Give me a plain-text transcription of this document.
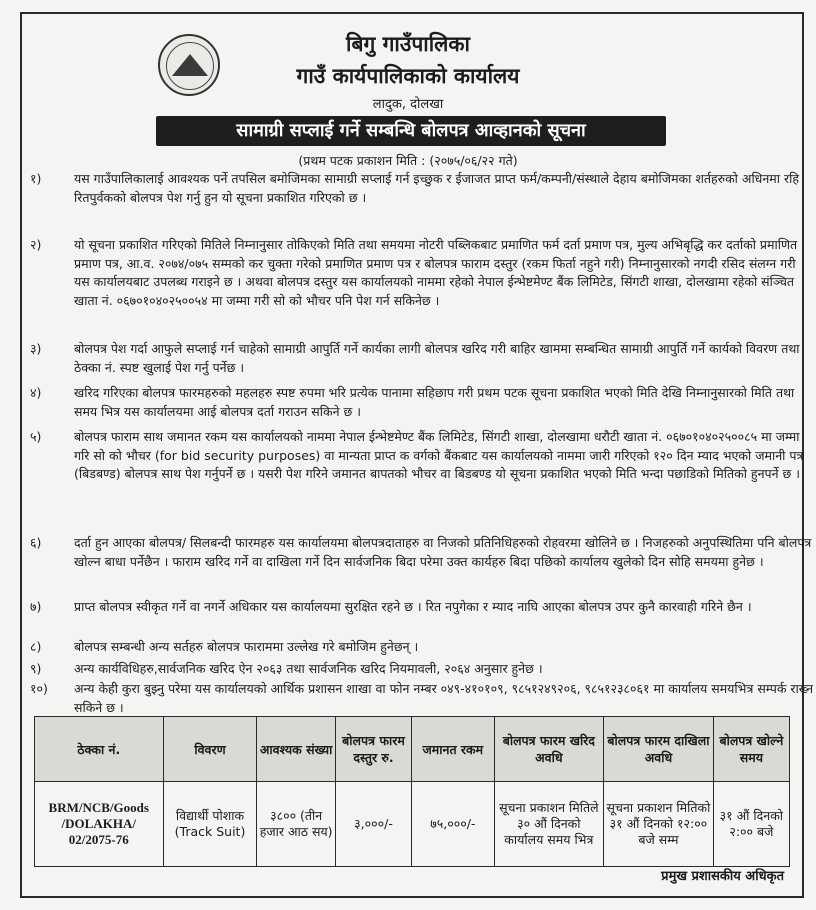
बिगु गाउँपालिका
गाउँ कार्यपालिकाको कार्यालय
लादुक, दोलखा
सामाग्री सप्लाई गर्ने सम्बन्धि बोलपत्र आव्हानको सूचना
(प्रथम पटक प्रकाशन मिति : (२०७५/०६/२२ गते)
१)	यस गाउँपालिकालाई आवश्यक पर्ने तपसिल बमोजिमका सामाग्री सप्लाई गर्न इच्छुक र ईजाजत प्राप्त फर्म/कम्पनी/संस्थाले देहाय बमोजिमका शर्तहरुको अधिनमा रहि रितपुर्वकको बोलपत्र पेश गर्नु हुन यो सूचना प्रकाशित गरिएको छ ।
२)	यो सूचना प्रकाशित गरिएको मितिले निम्नानुसार तोकिएको मिति तथा समयमा नोटरी पब्लिकबाट प्रमाणित फर्म दर्ता प्रमाण पत्र, मुल्य अभिबृद्धि कर दर्ताको प्रमाणित प्रमाण पत्र, आ.व. २०७४/०७५ सम्मको कर चुक्ता गरेको प्रमाणित प्रमाण पत्र र बोलपत्र फाराम दस्तुर (रकम फिर्ता नहुने गरी) निम्नानुसारको नगदी रसिद संलग्न गरी यस कार्यालयबाट उपलब्ध गराइने छ । अथवा बोलपत्र दस्तुर यस कार्यालयको नाममा रहेको नेपाल ईन्भेष्टमेण्ट बैंक लिमिटेड, सिंगटी शाखा, दोलखामा रहेको संञ्चित खाता नं. ०६७०१०४०२५००५४ मा जम्मा गरी सो को भौचर पनि पेश गर्न सकिनेछ ।
३)	बोलपत्र पेश गर्दा आफुले सप्लाई गर्न चाहेको सामाग्री आपुर्ति गर्ने कार्यका लागी बोलपत्र खरिद गरी बाहिर खाममा सम्बन्धित सामाग्री आपुर्ति गर्ने कार्यको विवरण तथा ठेक्का नं. स्पष्ट खुलाई पेश गर्नु पर्नेछ ।
४)	खरिद गरिएका बोलपत्र फारमहरुको महलहरु स्पष्ट रुपमा भरि प्रत्येक पानामा सहिछाप गरी प्रथम पटक सूचना प्रकाशित भएको मिति देखि निम्नानुसारको मिति तथा समय भित्र यस कार्यालयमा आई बोलपत्र दर्ता गराउन सकिने छ ।
५)	बोलपत्र फाराम साथ जमानत रकम यस कार्यालयको नाममा नेपाल ईन्भेष्टमेण्ट बैंक लिमिटेड, सिंगटी शाखा, दोलखामा धरौटी खाता नं. ०६७०१०४०२५००८५ मा जम्मा गरि सो को भौचर (for bid security purposes) वा मान्यता प्राप्त क वर्गको बैंकबाट यस कार्यालयको नाममा जारी गरिएको १२० दिन म्याद भएको जमानी पत्र (बिडबण्ड) बोलपत्र साथ पेश गर्नुपर्ने छ । यसरी पेश गरिने जमानत बापतको भौचर वा बिडबण्ड यो सूचना प्रकाशित भएको मिति भन्दा पछाडिको मितिको हुनपर्ने छ ।
६)	दर्ता हुन आएका बोलपत्र/ सिलबन्दी फारमहरु यस कार्यालयमा बोलपत्रदाताहरु वा निजको प्रतिनिधिहरुको रोहवरमा खोलिने छ । निजहरुको अनुपस्थितिमा पनि बोलपत्र खोल्न बाधा पर्नेछैन । फाराम खरिद गर्ने वा दाखिला गर्ने दिन सार्वजनिक बिदा परेमा उक्त कार्यहरु बिदा पछिको कार्यालय खुलेको दिन सोहि समयमा हुनेछ ।
७)	प्राप्त बोलपत्र स्वीकृत गर्ने वा नगर्ने अधिकार यस कार्यालयमा सुरक्षित रहने छ । रित नपुगेका र म्याद नाघि आएका बोलपत्र उपर कुनै कारवाही गरिने छैन ।
८)	बोलपत्र सम्बन्धी अन्य सर्तहरु बोलपत्र फाराममा उल्लेख गरे बमोजिम हुनेछन् ।
९)	अन्य कार्यविधिहरु,सार्वजनिक खरिद ऐन २०६३ तथा सार्वजनिक खरिद नियमावली, २०६४ अनुसार हुनेछ ।
१०)	अन्य केही कुरा बुझ्नु परेमा यस कार्यालयको आर्थिक प्रशासन शाखा वा फोन नम्बर ०४९-४१०१०९, ९८५१२४९२०६, ९८५१२३८०६१ मा कार्यालय समयभित्र सम्पर्क राख्न सकिने छ ।
ठेक्का नं.	विवरण	आवश्यक संख्या	बोलपत्र फारम दस्तुर रु.	जमानत रकम	बोलपत्र फारम खरिद अवधि	बोलपत्र फारम दाखिला अवधि	बोलपत्र खोल्ने समय
BRM/NCB/Goods /DOLAKHA/ 02/2075-76	विद्यार्थी पोशाक (Track Suit)	३८०० (तीन हजार आठ सय)	३,०००/-	७५,०००/-	सूचना प्रकाशन मितिले ३० औं दिनको कार्यालय समय भित्र	सूचना प्रकाशन मितिको ३१ औं दिनको १२:०० बजे सम्म	३१ औं दिनको २:०० बजे
प्रमुख प्रशासकीय अधिकृत
